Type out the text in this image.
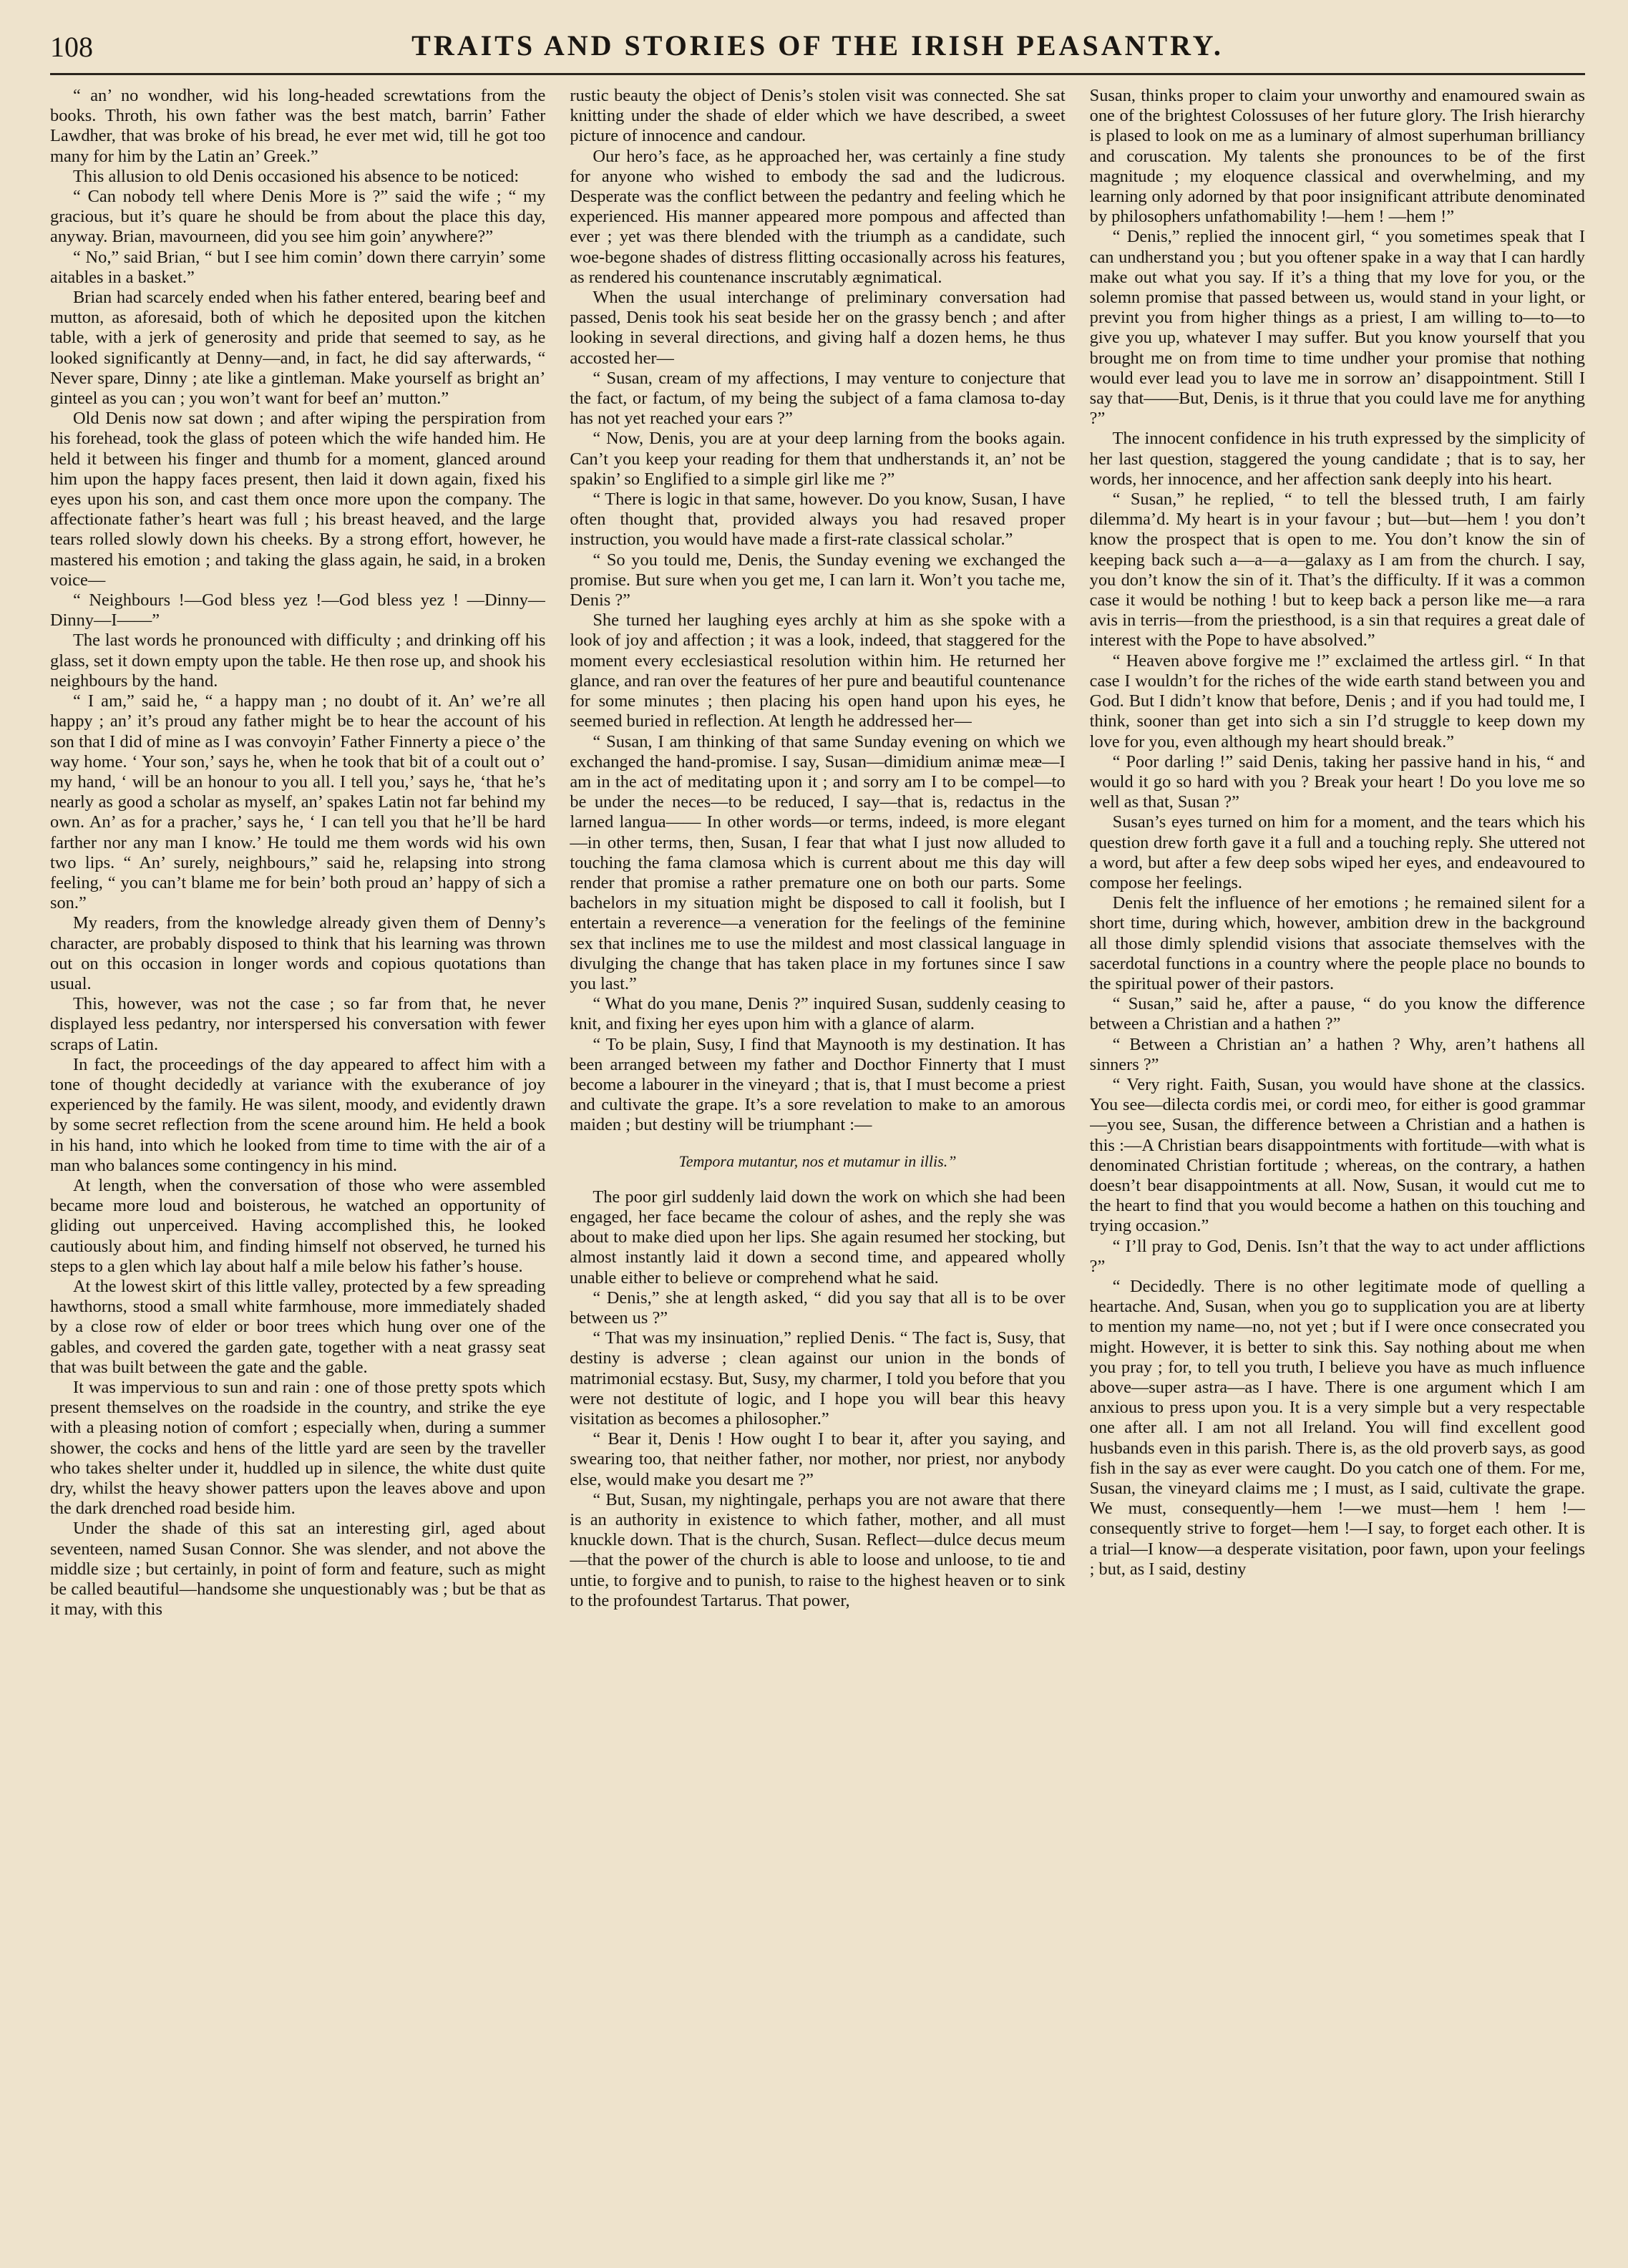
108	TRAITS AND STORIES OF THE IRISH PEASANTRY.

“ an’ no wondher, wid his long-headed screwtations from the books. Throth, his own father was the best match, barrin’ Father Lawdher, that was broke of his bread, he ever met wid, till he got too many for him by the Latin an’ Greek.”

This allusion to old Denis occasioned his absence to be noticed:

“ Can nobody tell where Denis More is ?” said the wife ; “ my gracious, but it’s quare he should be from about the place this day, anyway. Brian, mavourneen, did you see him goin’ anywhere?”

“ No,” said Brian, “ but I see him comin’ down there carryin’ some aitables in a basket.”

Brian had scarcely ended when his father entered, bearing beef and mutton, as aforesaid, both of which he deposited upon the kitchen table, with a jerk of generosity and pride that seemed to say, as he looked significantly at Denny—and, in fact, he did say afterwards, “ Never spare, Dinny ; ate like a gintleman. Make yourself as bright an’ ginteel as you can ; you won’t want for beef an’ mutton.”

Old Denis now sat down ; and after wiping the perspiration from his forehead, took the glass of poteen which the wife handed him. He held it between his finger and thumb for a moment, glanced around him upon the happy faces present, then laid it down again, fixed his eyes upon his son, and cast them once more upon the company. The affectionate father’s heart was full ; his breast heaved, and the large tears rolled slowly down his cheeks. By a strong effort, however, he mastered his emotion ; and taking the glass again, he said, in a broken voice—

“ Neighbours !—God bless yez !—God bless yez ! —Dinny—Dinny—I——”

The last words he pronounced with difficulty ; and drinking off his glass, set it down empty upon the table. He then rose up, and shook his neighbours by the hand.

“ I am,” said he, “ a happy man ; no doubt of it. An’ we’re all happy ; an’ it’s proud any father might be to hear the account of his son that I did of mine as I was convoyin’ Father Finnerty a piece o’ the way home. ‘ Your son,’ says he, when he took that bit of a coult out o’ my hand, ‘ will be an honour to you all. I tell you,’ says he, ‘that he’s nearly as good a scholar as myself, an’ spakes Latin not far behind my own. An’ as for a pracher,’ says he, ‘ I can tell you that he’ll be hard farther nor any man I know.’ He tould me them words wid his own two lips. “ An’ surely, neighbours,” said he, relapsing into strong feeling, “ you can’t blame me for bein’ both proud an’ happy of sich a son.”

My readers, from the knowledge already given them of Denny’s character, are probably disposed to think that his learning was thrown out on this occasion in longer words and copious quotations than usual.

This, however, was not the case ; so far from that, he never displayed less pedantry, nor interspersed his conversation with fewer scraps of Latin.

In fact, the proceedings of the day appeared to affect him with a tone of thought decidedly at variance with the exuberance of joy experienced by the family. He was silent, moody, and evidently drawn by some secret reflection from the scene around him. He held a book in his hand, into which he looked from time to time with the air of a man who balances some contingency in his mind.

At length, when the conversation of those who were assembled became more loud and boisterous, he watched an opportunity of gliding out unperceived. Having accomplished this, he looked cautiously about him, and finding himself not observed, he turned his steps to a glen which lay about half a mile below his father’s house.

At the lowest skirt of this little valley, protected by a few spreading hawthorns, stood a small white farmhouse, more immediately shaded by a close row of elder or boor trees which hung over one of the gables, and covered the garden gate, together with a neat grassy seat that was built between the gate and the gable.

It was impervious to sun and rain : one of those pretty spots which present themselves on the roadside in the country, and strike the eye with a pleasing notion of comfort ; especially when, during a summer shower, the cocks and hens of the little yard are seen by the traveller who takes shelter under it, huddled up in silence, the white dust quite dry, whilst the heavy shower patters upon the leaves above and upon the dark drenched road beside him.

Under the shade of this sat an interesting girl, aged about seventeen, named Susan Connor. She was slender, and not above the middle size ; but certainly, in point of form and feature, such as might be called beautiful—handsome she unquestionably was ; but be that as it may, with this

rustic beauty the object of Denis’s stolen visit was connected. She sat knitting under the shade of elder which we have described, a sweet picture of innocence and candour.

Our hero’s face, as he approached her, was certainly a fine study for anyone who wished to embody the sad and the ludicrous. Desperate was the conflict between the pedantry and feeling which he experienced. His manner appeared more pompous and affected than ever ; yet was there blended with the triumph as a candidate, such woe-begone shades of distress flitting occasionally across his features, as rendered his countenance inscrutably ægnimatical.

When the usual interchange of preliminary conversation had passed, Denis took his seat beside her on the grassy bench ; and after looking in several directions, and giving half a dozen hems, he thus accosted her—

“ Susan, cream of my affections, I may venture to conjecture that the fact, or factum, of my being the subject of a fama clamosa to-day has not yet reached your ears ?”

“ Now, Denis, you are at your deep larning from the books again. Can’t you keep your reading for them that undherstands it, an’ not be spakin’ so Englified to a simple girl like me ?”

“ There is logic in that same, however. Do you know, Susan, I have often thought that, provided always you had resaved proper instruction, you would have made a first-rate classical scholar.”

“ So you tould me, Denis, the Sunday evening we exchanged the promise. But sure when you get me, I can larn it. Won’t you tache me, Denis ?”

She turned her laughing eyes archly at him as she spoke with a look of joy and affection ; it was a look, indeed, that staggered for the moment every ecclesiastical resolution within him. He returned her glance, and ran over the features of her pure and beautiful countenance for some minutes ; then placing his open hand upon his eyes, he seemed buried in reflection. At length he addressed her—

“ Susan, I am thinking of that same Sunday evening on which we exchanged the hand-promise. I say, Susan—dimidium animæ meæ—I am in the act of meditating upon it ; and sorry am I to be compel—to be under the neces—to be reduced, I say—that is, redactus in the larned langua—— In other words—or terms, indeed, is more elegant—in other terms, then, Susan, I fear that what I just now alluded to touching the fama clamosa which is current about me this day will render that promise a rather premature one on both our parts. Some bachelors in my situation might be disposed to call it foolish, but I entertain a reverence—a veneration for the feelings of the feminine sex that inclines me to use the mildest and most classical language in divulging the change that has taken place in my fortunes since I saw you last.”

“ What do you mane, Denis ?” inquired Susan, suddenly ceasing to knit, and fixing her eyes upon him with a glance of alarm.

“ To be plain, Susy, I find that Maynooth is my destination. It has been arranged between my father and Docthor Finnerty that I must become a labourer in the vineyard ; that is, that I must become a priest and cultivate the grape. It’s a sore revelation to make to an amorous maiden ; but destiny will be triumphant :—

Tempora mutantur, nos et mutamur in illis.”

The poor girl suddenly laid down the work on which she had been engaged, her face became the colour of ashes, and the reply she was about to make died upon her lips. She again resumed her stocking, but almost instantly laid it down a second time, and appeared wholly unable either to believe or comprehend what he said.

“ Denis,” she at length asked, “ did you say that all is to be over between us ?”

“ That was my insinuation,” replied Denis. “ The fact is, Susy, that destiny is adverse ; clean against our union in the bonds of matrimonial ecstasy. But, Susy, my charmer, I told you before that you were not destitute of logic, and I hope you will bear this heavy visitation as becomes a philosopher.”

“ Bear it, Denis ! How ought I to bear it, after you saying, and swearing too, that neither father, nor mother, nor priest, nor anybody else, would make you desart me ?”

“ But, Susan, my nightingale, perhaps you are not aware that there is an authority in existence to which father, mother, and all must knuckle down. That is the church, Susan. Reflect—dulce decus meum—that the power of the church is able to loose and unloose, to tie and untie, to forgive and to punish, to raise to the highest heaven or to sink to the profoundest Tartarus. That power,

Susan, thinks proper to claim your unworthy and enamoured swain as one of the brightest Colossuses of her future glory. The Irish hierarchy is plased to look on me as a luminary of almost superhuman brilliancy and coruscation. My talents she pronounces to be of the first magnitude ; my eloquence classical and overwhelming, and my learning only adorned by that poor insignificant attribute denominated by philosophers unfathomability !—hem ! —hem !”

“ Denis,” replied the innocent girl, “ you sometimes speak that I can undherstand you ; but you oftener spake in a way that I can hardly make out what you say. If it’s a thing that my love for you, or the solemn promise that passed between us, would stand in your light, or prevint you from higher things as a priest, I am willing to—to—to give you up, whatever I may suffer. But you know yourself that you brought me on from time to time undher your promise that nothing would ever lead you to lave me in sorrow an’ disappointment. Still I say that——But, Denis, is it thrue that you could lave me for anything ?”

The innocent confidence in his truth expressed by the simplicity of her last question, staggered the young candidate ; that is to say, her words, her innocence, and her affection sank deeply into his heart.

“ Susan,” he replied, “ to tell the blessed truth, I am fairly dilemma’d. My heart is in your favour ; but—but—hem ! you don’t know the prospect that is open to me. You don’t know the sin of keeping back such a—a—a—galaxy as I am from the church. I say, you don’t know the sin of it. That’s the difficulty. If it was a common case it would be nothing ! but to keep back a person like me—a rara avis in terris—from the priesthood, is a sin that requires a great dale of interest with the Pope to have absolved.”

“ Heaven above forgive me !” exclaimed the artless girl. “ In that case I wouldn’t for the riches of the wide earth stand between you and God. But I didn’t know that before, Denis ; and if you had tould me, I think, sooner than get into sich a sin I’d struggle to keep down my love for you, even although my heart should break.”

“ Poor darling !” said Denis, taking her passive hand in his, “ and would it go so hard with you ? Break your heart ! Do you love me so well as that, Susan ?”

Susan’s eyes turned on him for a moment, and the tears which his question drew forth gave it a full and a touching reply. She uttered not a word, but after a few deep sobs wiped her eyes, and endeavoured to compose her feelings.

Denis felt the influence of her emotions ; he remained silent for a short time, during which, however, ambition drew in the background all those dimly splendid visions that associate themselves with the sacerdotal functions in a country where the people place no bounds to the spiritual power of their pastors.

“ Susan,” said he, after a pause, “ do you know the difference between a Christian and a hathen ?”

“ Between a Christian an’ a hathen ? Why, aren’t hathens all sinners ?”

“ Very right. Faith, Susan, you would have shone at the classics. You see—dilecta cordis mei, or cordi meo, for either is good grammar—you see, Susan, the difference between a Christian and a hathen is this :—A Christian bears disappointments with fortitude—with what is denominated Christian fortitude ; whereas, on the contrary, a hathen doesn’t bear disappointments at all. Now, Susan, it would cut me to the heart to find that you would become a hathen on this touching and trying occasion.”

“ I’ll pray to God, Denis. Isn’t that the way to act under afflictions ?”

“ Decidedly. There is no other legitimate mode of quelling a heartache. And, Susan, when you go to supplication you are at liberty to mention my name—no, not yet ; but if I were once consecrated you might. However, it is better to sink this. Say nothing about me when you pray ; for, to tell you truth, I believe you have as much influence above—super astra—as I have. There is one argument which I am anxious to press upon you. It is a very simple but a very respectable one after all. I am not all Ireland. You will find excellent good husbands even in this parish. There is, as the old proverb says, as good fish in the say as ever were caught. Do you catch one of them. For me, Susan, the vineyard claims me ; I must, as I said, cultivate the grape. We must, consequently—hem !—we must—hem ! hem !—consequently strive to forget—hem !—I say, to forget each other. It is a trial—I know—a desperate visitation, poor fawn, upon your feelings ; but, as I said, destiny
